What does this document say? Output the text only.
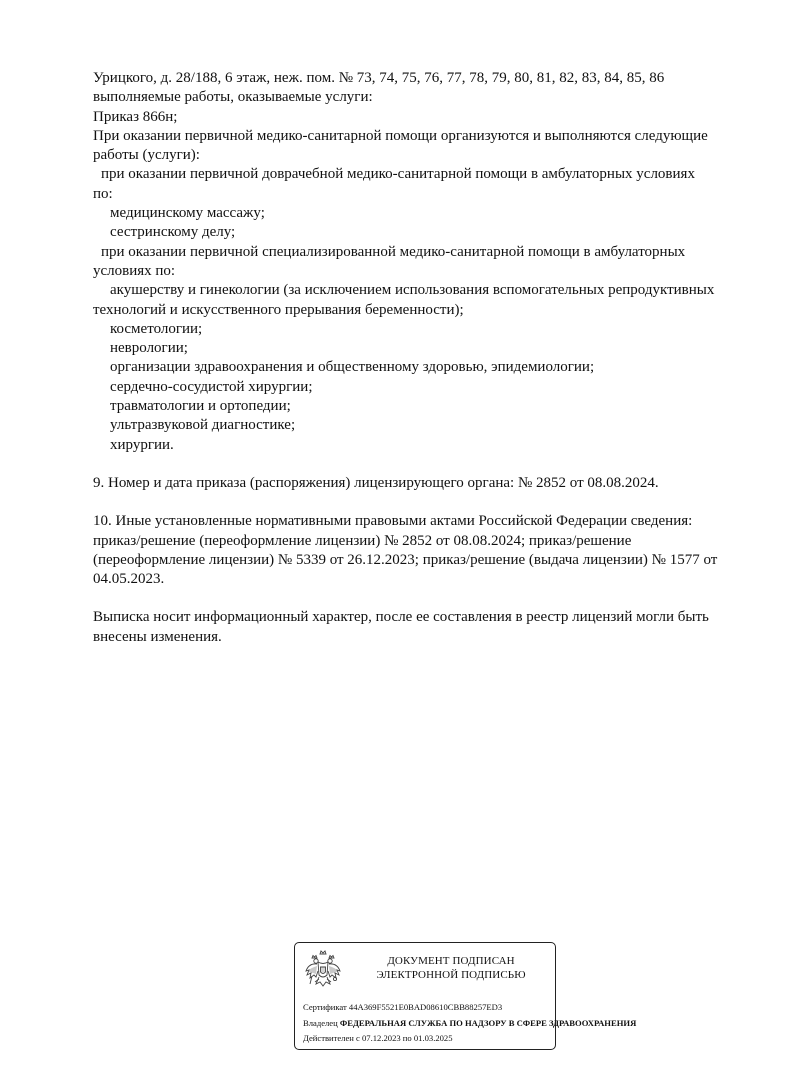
Урицкого, д. 28/188, 6 этаж, неж. пом. № 73, 74, 75, 76, 77, 78, 79, 80, 81, 82, 83, 84, 85, 86
выполняемые работы, оказываемые услуги:
Приказ 866н;
При оказании первичной медико-санитарной помощи организуются и выполняются следующие
работы (услуги):
при оказании первичной доврачебной медико-санитарной помощи в амбулаторных условиях
по:
медицинскому массажу;
сестринскому делу;
при оказании первичной специализированной медико-санитарной помощи в амбулаторных
условиях по:
акушерству и гинекологии (за исключением использования вспомогательных репродуктивных
технологий и искусственного прерывания беременности);
косметологии;
неврологии;
организации здравоохранения и общественному здоровью, эпидемиологии;
сердечно-сосудистой хирургии;
травматологии и ортопедии;
ультразвуковой диагностике;
хирургии.
9. Номер и дата приказа (распоряжения) лицензирующего органа: № 2852 от 08.08.2024.
10. Иные установленные нормативными правовыми актами Российской Федерации сведения:
приказ/решение (переоформление лицензии) № 2852 от 08.08.2024; приказ/решение
(переоформление лицензии) № 5339 от 26.12.2023; приказ/решение (выдача лицензии) № 1577 от
04.05.2023.
Выписка носит информационный характер, после ее составления в реестр лицензий могли быть
внесены изменения.
ДОКУМЕНТ ПОДПИСАН
ЭЛЕКТРОННОЙ ПОДПИСЬЮ
Сертификат 44A369F5521E0BAD08610CBB88257ED3
Владелец ФЕДЕРАЛЬНАЯ СЛУЖБА ПО НАДЗОРУ В СФЕРЕ ЗДРАВООХРАНЕНИЯ
Действителен с 07.12.2023 по 01.03.2025
